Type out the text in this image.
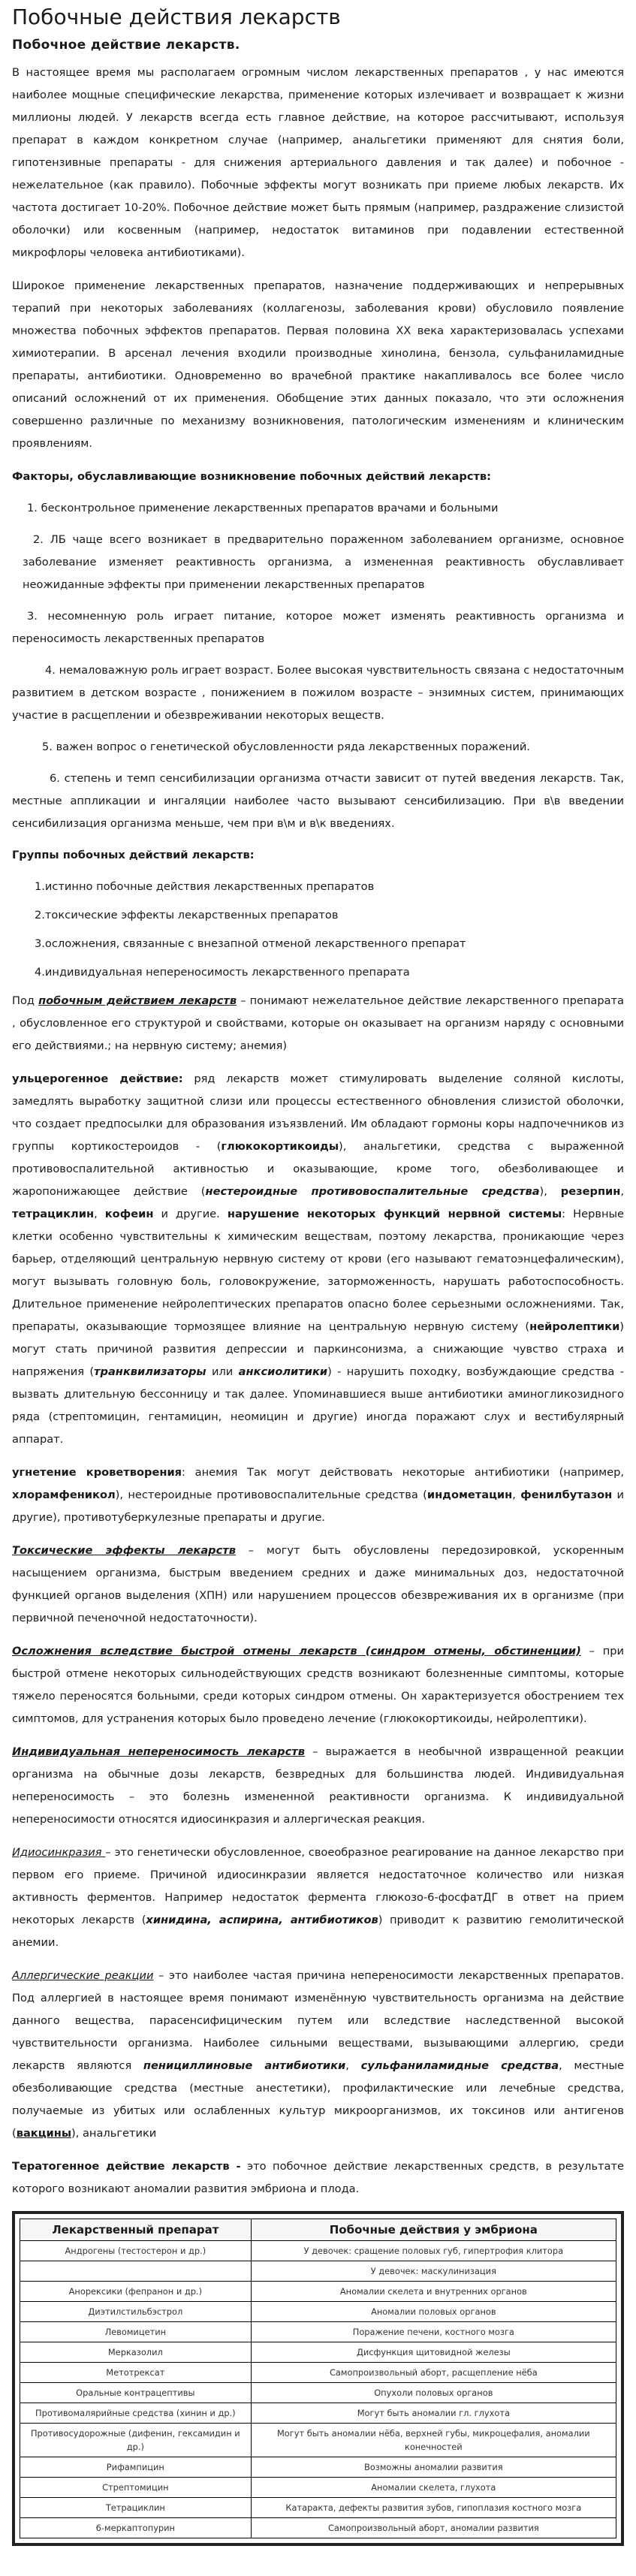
Побочные действия лекарств
Побочное действие лекарств.

В настоящее время мы располагаем огромным числом лекарственных препаратов , у нас имеются наиболее мощные специфические лекарства, применение которых излечивает и возвращает к жизни миллионы людей. У лекарств всегда есть главное действие, на которое рассчитывают, используя препарат в каждом конкретном случае (например, анальгетики применяют для снятия боли, гипотензивные препараты - для снижения артериального давления и так далее) и побочное - нежелательное (как правило). Побочные эффекты могут возникать при приеме любых лекарств. Их частота достигает 10-20%. Побочное действие может быть прямым (например, раздражение слизистой оболочки) или косвенным (например, недостаток витаминов при подавлении естественной микрофлоры человека антибиотиками).

Широкое применение лекарственных препаратов, назначение поддерживающих и непрерывных терапий при некоторых заболеваниях (коллагенозы, заболевания крови) обусловило появление множества побочных эффектов препаратов. Первая половина ХХ века характеризовалась успехами химиотерапии. В арсенал лечения входили производные хинолина, бензола, сульфаниламидные препараты, антибиотики. Одновременно во врачебной практике накапливалось все более число описаний осложнений от их применения. Обобщение этих данных показало, что эти осложнения совершенно различные по механизму возникновения, патологическим изменениям и клиническим проявлениям.

Факторы, обуславливающие возникновение побочных действий лекарств:
1. бесконтрольное применение лекарственных препаратов врачами и больными
2. ЛБ чаще всего возникает в предварительно пораженном заболеванием организме, основное заболевание изменяет реактивность организма, а измененная реактивность обуславливает неожиданные эффекты при применении лекарственных препаратов
3. несомненную роль играет питание, которое может изменять реактивность организма и переносимость лекарственных препаратов
4. немаловажную роль играет возраст. Более высокая чувствительность связана с недостаточным развитием в детском возрасте , понижением в пожилом возрасте – энзимных систем, принимающих участие в расщеплении и обезвреживании некоторых веществ.
5. важен вопрос о генетической обусловленности ряда лекарственных поражений.
6. степень и темп сенсибилизации организма отчасти зависит от путей введения лекарств. Так, местные аппликации и ингаляции наиболее часто вызывают сенсибилизацию. При в\в введении сенсибилизация организма меньше, чем при в\м и в\к введениях.
Группы побочных действий лекарств:
1.истинно побочные действия лекарственных препаратов
2.токсические эффекты лекарственных препаратов
3.осложнения, связанные с внезапной отменой лекарственного препарат
4.индивидуальная непереносимость лекарственного препарата

Под побочным действием лекарств – понимают нежелательное действие лекарственного препарата , обусловленное его структурой и свойствами, которые он оказывает на организм наряду с основными его действиями.; на нервную систему; анемия)

ульцерогенное действие: ряд лекарств может стимулировать выделение соляной кислоты, замедлять выработку защитной слизи или процессы естественного обновления слизистой оболочки, что создает предпосылки для образования изъязвлений. Им обладают гормоны коры надпочечников из группы кортикостероидов - (глюкокортикоиды), анальгетики, средства с выраженной противовоспалительной активностью и оказывающие, кроме того, обезболивающее и жаропонижающее действие (нестероидные противовоспалительные средства), резерпин, тетрациклин, кофеин и другие. нарушение некоторых функций нервной системы: Нервные клетки особенно чувствительны к химическим веществам, поэтому лекарства, проникающие через барьер, отделяющий центральную нервную систему от крови (его называют гематоэнцефалическим), могут вызывать головную боль, головокружение, заторможенность, нарушать работоспособность. Длительное применение нейролептических препаратов опасно более серьезными осложнениями. Так, препараты, оказывающие тормозящее влияние на центральную нервную систему (нейролептики) могут стать причиной развития депрессии и паркинсонизма, а снижающие чувство страха и напряжения (транквилизаторы или анксиолитики) - нарушить походку, возбуждающие средства - вызвать длительную бессонницу и так далее. Упоминавшиеся выше антибиотики аминогликозидного ряда (стрептомицин, гентамицин, неомицин и другие) иногда поражают слух и вестибулярный аппарат.

угнетение кроветворения: анемия Так могут действовать некоторые антибиотики (например, хлорамфеникол), нестероидные противовоспалительные средства (индометацин, фенилбутазон и другие), противотуберкулезные препараты и другие.

Токсические эффекты лекарств – могут быть обусловлены передозировкой, ускоренным насыщением организма, быстрым введением средних и даже минимальных доз, недостаточной функцией органов выделения (ХПН) или нарушением процессов обезвреживания их в организме (при первичной печеночной недостаточности).

Осложнения вследствие быстрой отмены лекарств (синдром отмены, обстиненции) – при быстрой отмене некоторых сильнодействующих средств возникают болезненные симптомы, которые тяжело переносятся больными, среди которых синдром отмены. Он характеризуется обострением тех симптомов, для устранения которых было проведено лечение (глюкокортикоиды, нейролептики).

Индивидуальная непереносимость лекарств – выражается в необычной извращенной реакции организма на обычные дозы лекарств, безвредных для большинства людей. Индивидуальная непереносимость – это болезнь измененной реактивности организма. К индивидуальной непереносимости относятся идиосинкразия и аллергическая реакция.

Идиосинкразия – это генетически обусловленное, своеобразное реагирование на данное лекарство при первом его приеме. Причиной идиосинкразии является недостаточное количество или низкая активность ферментов. Например недостаток фермента глюкозо-6-фосфатДГ в ответ на прием некоторых лекарств (хинидина, аспирина, антибиотиков) приводит к развитию гемолитической анемии.

Аллергические реакции – это наиболее частая причина непереносимости лекарственных препаратов. Под аллергией в настоящее время понимают изменённую чувствительность организма на действие данного вещества, парасенсифицическим путем или вследствие наследственной высокой чувствительности организма. Наиболее сильными веществами, вызывающими аллергию, среди лекарств являются пенициллиновые антибиотики, сульфаниламидные средства, местные обезболивающие средства (местные анестетики), профилактические или лечебные средства, получаемые из убитых или ослабленных культур микроорганизмов, их токсинов или антигенов (вакцины), анальгетики

Тератогенное действие лекарств - это побочное действие лекарственных средств, в результате которого возникают аномалии развития эмбриона и плода.

Лекарственный препарат	Побочные действия у эмбриона
Андрогены (тестостерон и др.)	У девочек: сращение половых губ, гипертрофия клитора
	У девочек: маскулинизация
Анорексики (фепранон и др.)	Аномалии скелета и внутренних органов
Диэтилстильбэстрол	Аномалии половых органов
Левомицетин	Поражение печени, костного мозга
Мерказолил	Дисфункция щитовидной железы
Метотрексат	Самопроизвольный аборт, расщепление нёба
Оральные контрацептивы	Опухоли половых органов
Противомалярийные средства (хинин и др.)	Могут быть аномалии гл. глухота
Противосудорожные (дифенин, гексамидин и др.)	Могут быть аномалии нёба, верхней губы, микроцефалия, аномалии конечностей
Рифампицин	Возможны аномалии развития
Стрептомицин	Аномалии скелета, глухота
Тетрациклин	Катаракта, дефекты развития зубов, гипоплазия костного мозга
6-меркаптопурин	Самопроизвольный аборт, аномалии развития
